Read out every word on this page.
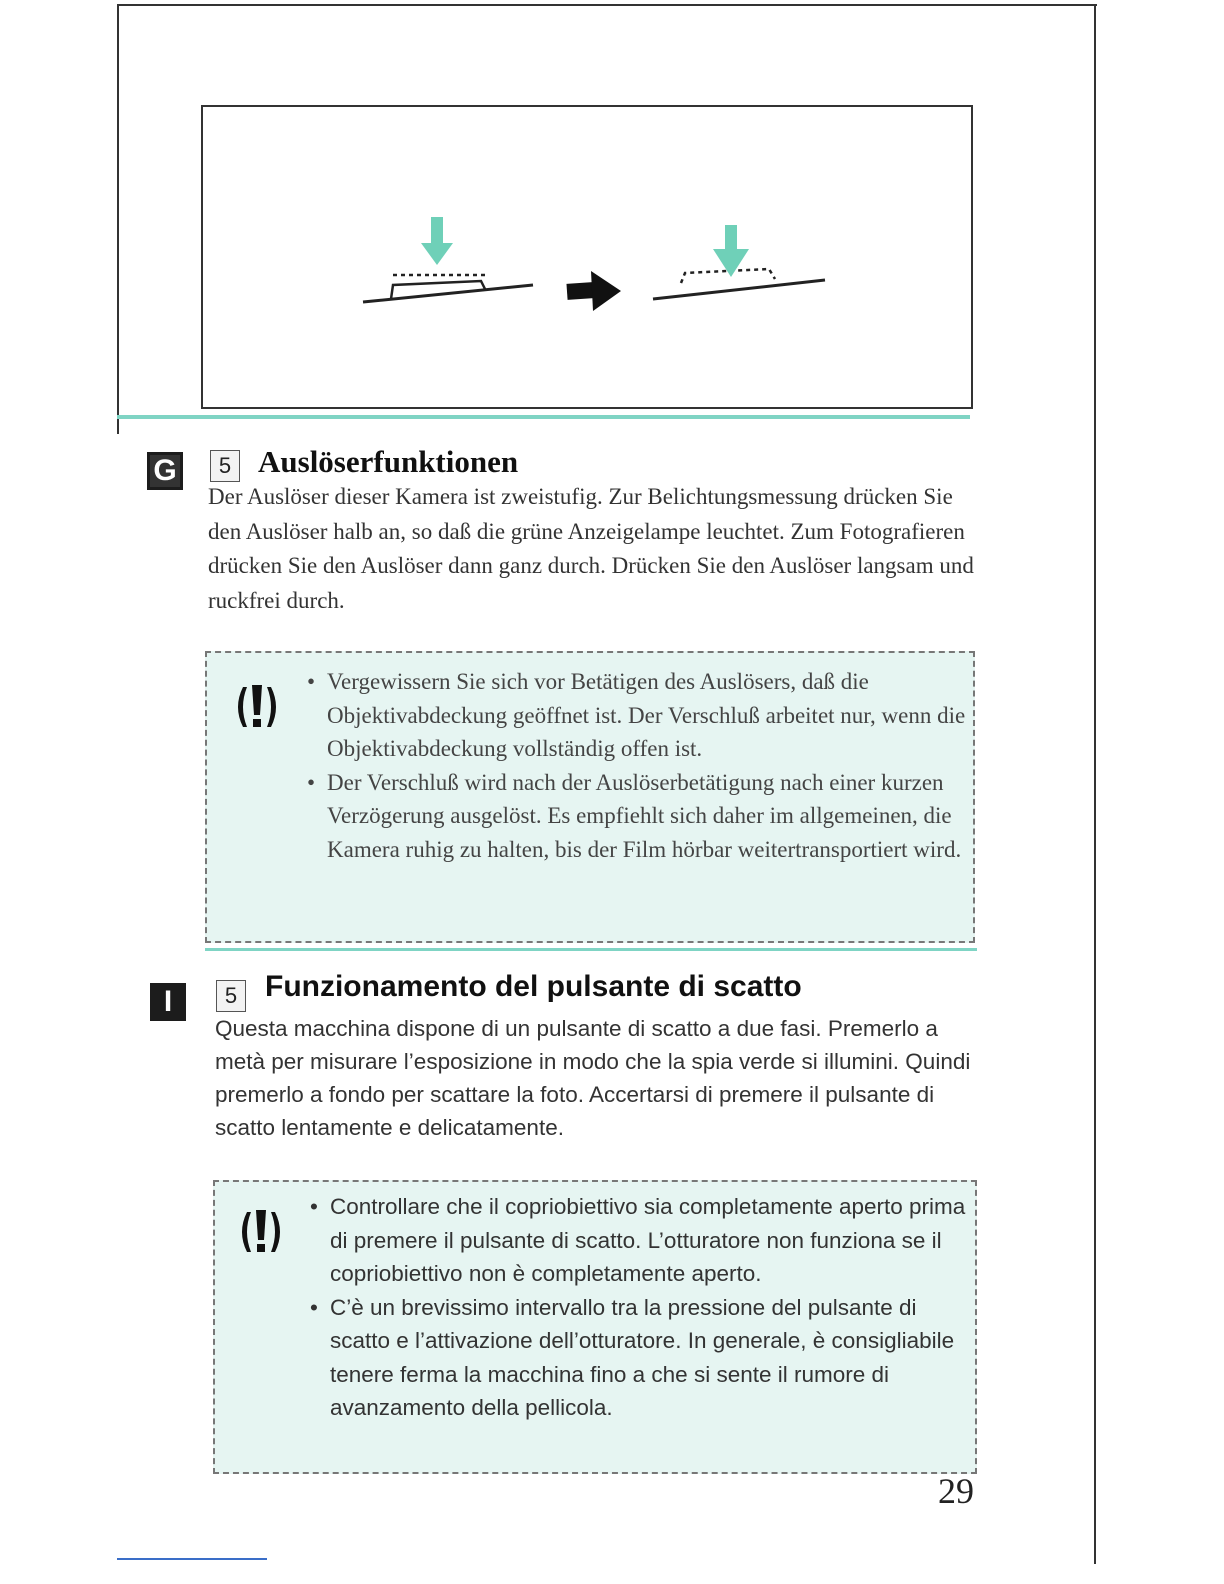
G	5 Auslöserfunktionen

Der Auslöser dieser Kamera ist zweistufig. Zur Belichtungsmessung drücken Sie den Auslöser halb an, so daß die grüne Anzeigelampe leuchtet. Zum Fotografieren drücken Sie den Auslöser dann ganz durch. Drücken Sie den Auslöser langsam und ruckfrei durch.

• Vergewissern Sie sich vor Betätigen des Auslösers, daß die Objektivabdeckung geöffnet ist. Der Verschluß arbeitet nur, wenn die Objektivabdeckung vollständig offen ist.
• Der Verschluß wird nach der Auslöserbetätigung nach einer kurzen Verzögerung ausgelöst. Es empfiehlt sich daher im allgemeinen, die Kamera ruhig zu halten, bis der Film hörbar weitertransportiert wird.
I	5 Funzionamento del pulsante di scatto

Questa macchina dispone di un pulsante di scatto a due fasi. Premerlo a metà per misurare l’esposizione in modo che la spia verde si illumini. Quindi premerlo a fondo per scattare la foto. Accertarsi di premere il pulsante di scatto lentamente e delicatamente.

• Controllare che il copriobiettivo sia completamente aperto prima di premere il pulsante di scatto. L’otturatore non funziona se il copriobiettivo non è completamente aperto.
• C’è un brevissimo intervallo tra la pressione del pulsante di scatto e l’attivazione dell’otturatore. In generale, è consigliabile tenere ferma la macchina fino a che si sente il rumore di avanzamento della pellicola.

29
